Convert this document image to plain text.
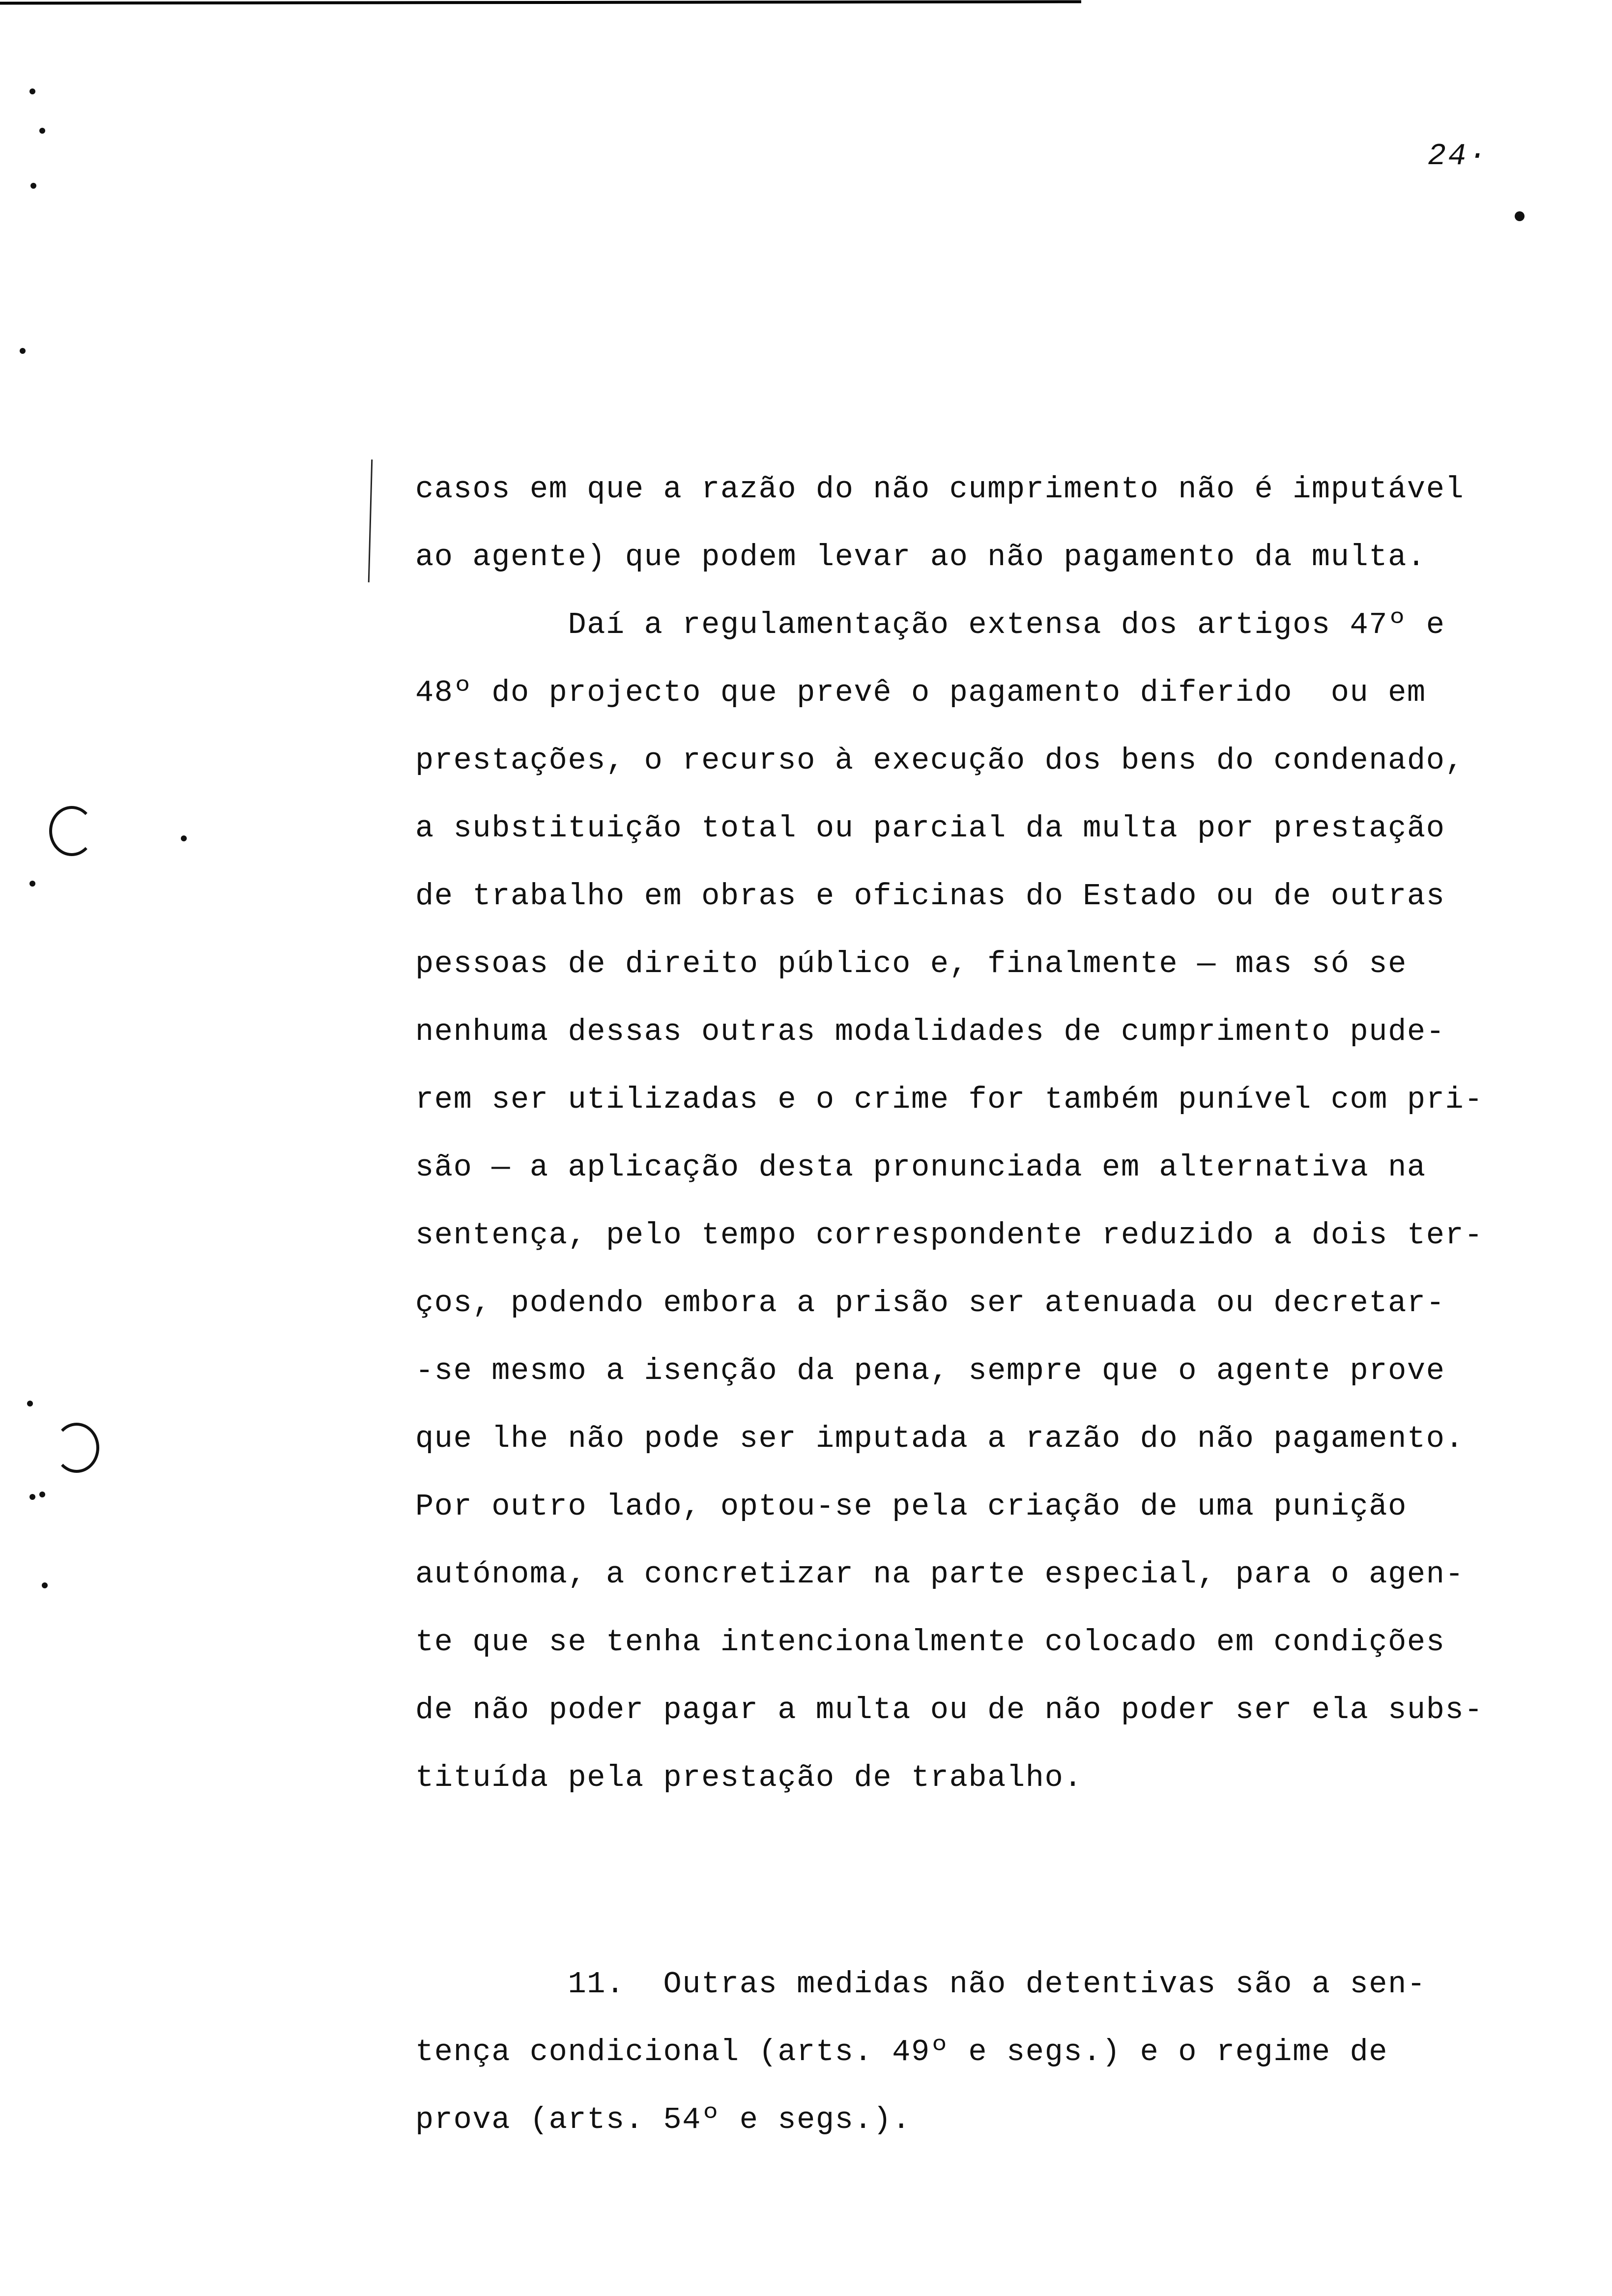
24·
casos em que a razão do não cumprimento não é imputável
ao agente) que podem levar ao não pagamento da multa.
Daí a regulamentação extensa dos artigos 47º e
48º do projecto que prevê o pagamento diferido  ou em
prestações, o recurso à execução dos bens do condenado,
a substituição total ou parcial da multa por prestação
de trabalho em obras e oficinas do Estado ou de outras
pessoas de direito público e, finalmente — mas só se
nenhuma dessas outras modalidades de cumprimento pude-
rem ser utilizadas e o crime for também punível com pri-
são — a aplicação desta pronunciada em alternativa na
sentença, pelo tempo correspondente reduzido a dois ter-
ços, podendo embora a prisão ser atenuada ou decretar-
-se mesmo a isenção da pena, sempre que o agente prove
que lhe não pode ser imputada a razão do não pagamento.
Por outro lado, optou-se pela criação de uma punição
autónoma, a concretizar na parte especial, para o agen-
te que se tenha intencionalmente colocado em condições
de não poder pagar a multa ou de não poder ser ela subs-
tituída pela prestação de trabalho.
11.  Outras medidas não detentivas são a sen-
tença condicional (arts. 49º e segs.) e o regime de
prova (arts. 54º e segs.).
